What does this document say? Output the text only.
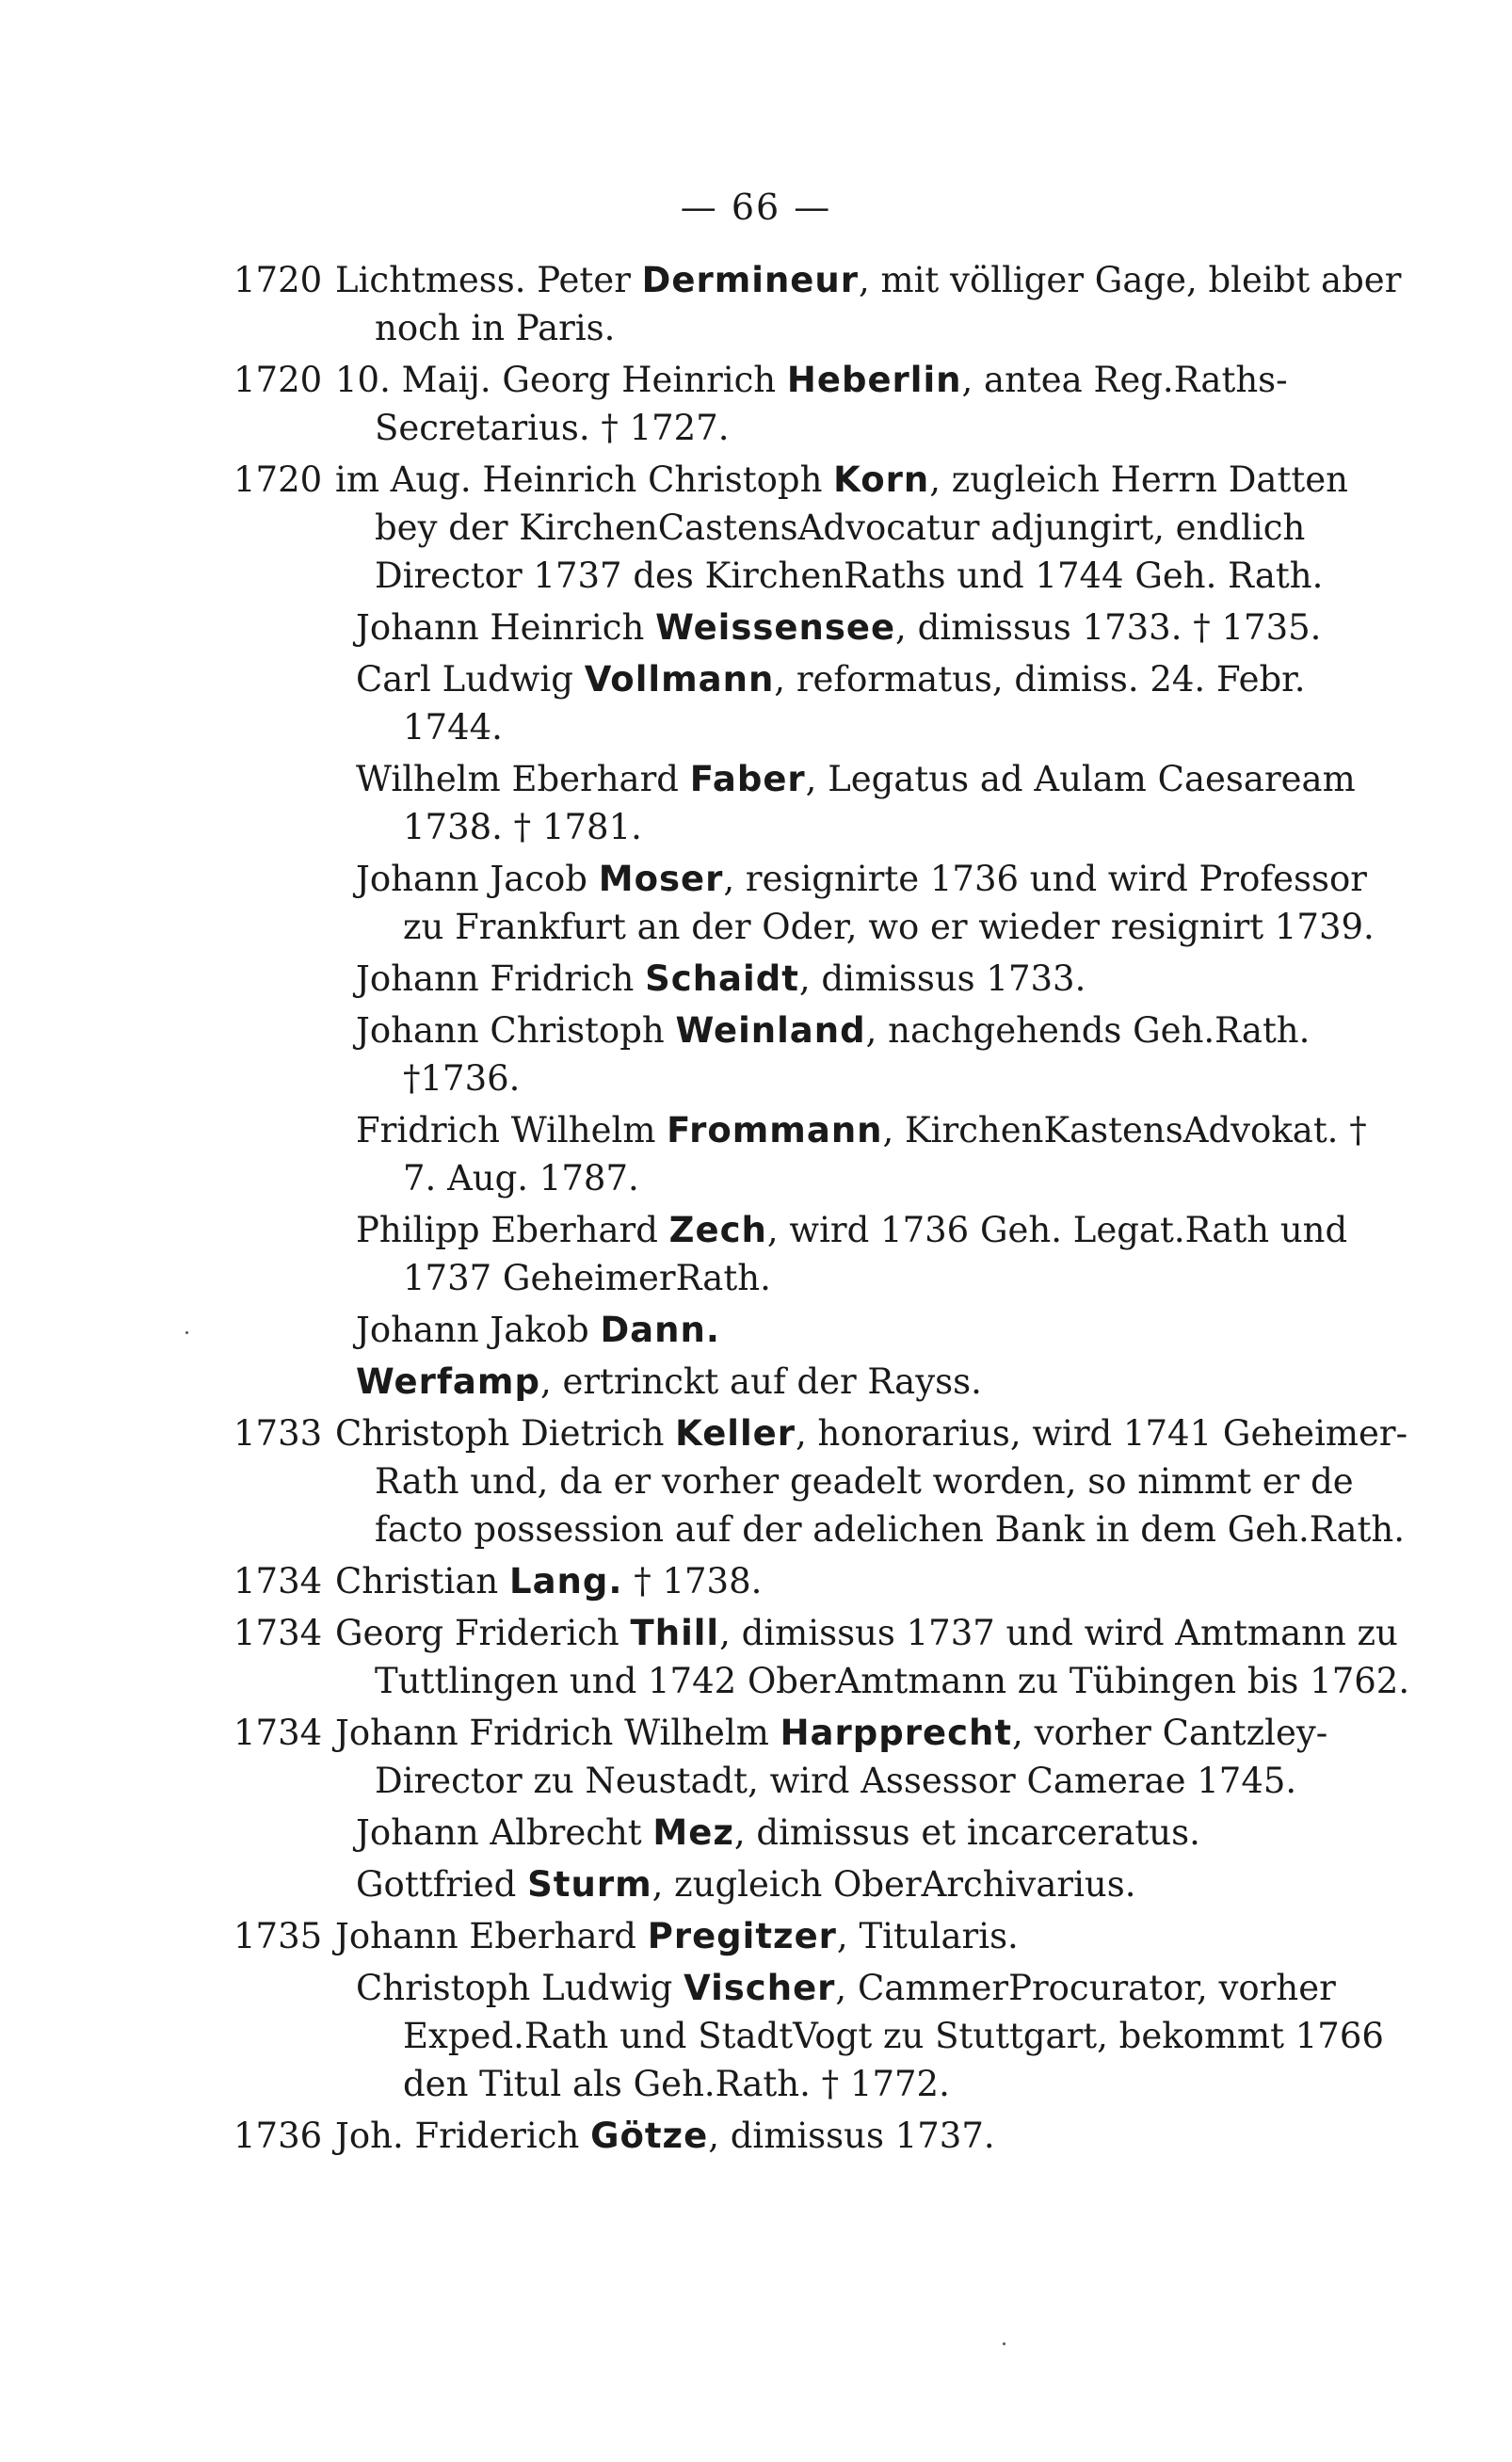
— 66 —
1720 Lichtmess. Peter Dermineur, mit völliger Gage, bleibt aber noch in Paris.
1720 10. Maij. Georg Heinrich Heberlin, antea Reg.Raths-Secretarius. † 1727.
1720 im Aug. Heinrich Christoph Korn, zugleich Herrn Datten bey der KirchenCastensAdvocatur adjungirt, endlich Director 1737 des KirchenRaths und 1744 Geh. Rath.
Johann Heinrich Weissensee, dimissus 1733. † 1735.
Carl Ludwig Vollmann, reformatus, dimiss. 24. Febr. 1744.
Wilhelm Eberhard Faber, Legatus ad Aulam Caesaream 1738. † 1781.
Johann Jacob Moser, resignirte 1736 und wird Professor zu Frankfurt an der Oder, wo er wieder resignirt 1739.
Johann Fridrich Schaidt, dimissus 1733.
Johann Christoph Weinland, nachgehends Geh.Rath. †1736.
Fridrich Wilhelm Frommann, KirchenKastensAdvokat. † 7. Aug. 1787.
Philipp Eberhard Zech, wird 1736 Geh. Legat.Rath und 1737 GeheimerRath.
Johann Jakob Dann.
Werfamp, ertrinckt auf der Rayss.
1733 Christoph Dietrich Keller, honorarius, wird 1741 Geheimer-Rath und, da er vorher geadelt worden, so nimmt er de facto possession auf der adelichen Bank in dem Geh.Rath.
1734 Christian Lang. † 1738.
1734 Georg Friderich Thill, dimissus 1737 und wird Amtmann zu Tuttlingen und 1742 OberAmtmann zu Tübingen bis 1762.
1734 Johann Fridrich Wilhelm Harpprecht, vorher Cantzley-Director zu Neustadt, wird Assessor Camerae 1745.
Johann Albrecht Mez, dimissus et incarceratus.
Gottfried Sturm, zugleich OberArchivarius.
1735 Johann Eberhard Pregitzer, Titularis.
Christoph Ludwig Vischer, CammerProcurator, vorher Exped.Rath und StadtVogt zu Stuttgart, bekommt 1766 den Titul als Geh.Rath. † 1772.
1736 Joh. Friderich Götze, dimissus 1737.
